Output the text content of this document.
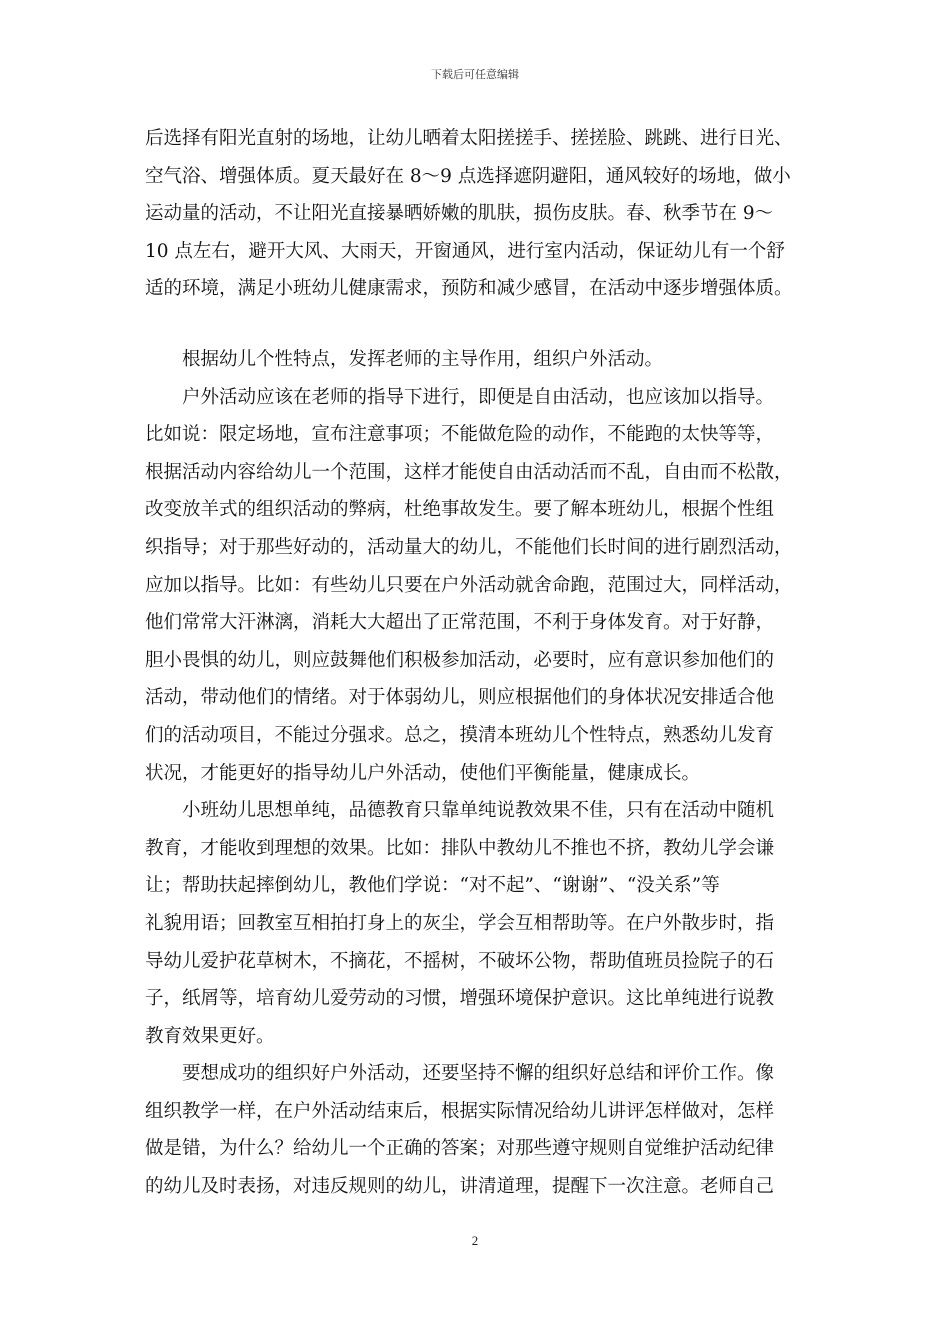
下载后可任意编辑
后选择有阳光直射的场地，让幼儿晒着太阳搓搓手、搓搓脸、跳跳、进行日光、
空气浴、增强体质。夏天最好在 8～9 点选择遮阴避阳，通风较好的场地，做小
运动量的活动，不让阳光直接暴晒娇嫩的肌肤，损伤皮肤。春、秋季节在 9～
10 点左右，避开大风、大雨天，开窗通风，进行室内活动，保证幼儿有一个舒
适的环境，满足小班幼儿健康需求，预防和减少感冒，在活动中逐步增强体质。
根据幼儿个性特点，发挥老师的主导作用，组织户外活动。
户外活动应该在老师的指导下进行，即便是自由活动，也应该加以指导。
比如说：限定场地，宣布注意事项；不能做危险的动作，不能跑的太快等等，
根据活动内容给幼儿一个范围，这样才能使自由活动活而不乱，自由而不松散，
改变放羊式的组织活动的弊病，杜绝事故发生。要了解本班幼儿，根据个性组
织指导；对于那些好动的，活动量大的幼儿，不能他们长时间的进行剧烈活动，
应加以指导。比如：有些幼儿只要在户外活动就舍命跑，范围过大，同样活动，
他们常常大汗淋漓，消耗大大超出了正常范围，不利于身体发育。对于好静，
胆小畏惧的幼儿，则应鼓舞他们积极参加活动，必要时，应有意识参加他们的
活动，带动他们的情绪。对于体弱幼儿，则应根据他们的身体状况安排适合他
们的活动项目，不能过分强求。总之，摸清本班幼儿个性特点，熟悉幼儿发育
状况，才能更好的指导幼儿户外活动，使他们平衡能量，健康成长。
小班幼儿思想单纯，品德教育只靠单纯说教效果不佳，只有在活动中随机
教育，才能收到理想的效果。比如：排队中教幼儿不推也不挤，教幼儿学会谦
让；帮助扶起摔倒幼儿，教他们学说：“对不起”、“谢谢”、“没关系”等
礼貌用语；回教室互相拍打身上的灰尘，学会互相帮助等。在户外散步时，指
导幼儿爱护花草树木，不摘花，不摇树，不破坏公物，帮助值班员捡院子的石
子，纸屑等，培育幼儿爱劳动的习惯，增强环境保护意识。这比单纯进行说教
教育效果更好。
要想成功的组织好户外活动，还要坚持不懈的组织好总结和评价工作。像
组织教学一样，在户外活动结束后，根据实际情况给幼儿讲评怎样做对，怎样
做是错，为什么？给幼儿一个正确的答案；对那些遵守规则自觉维护活动纪律
的幼儿及时表扬，对违反规则的幼儿，讲清道理，提醒下一次注意。老师自己
2
